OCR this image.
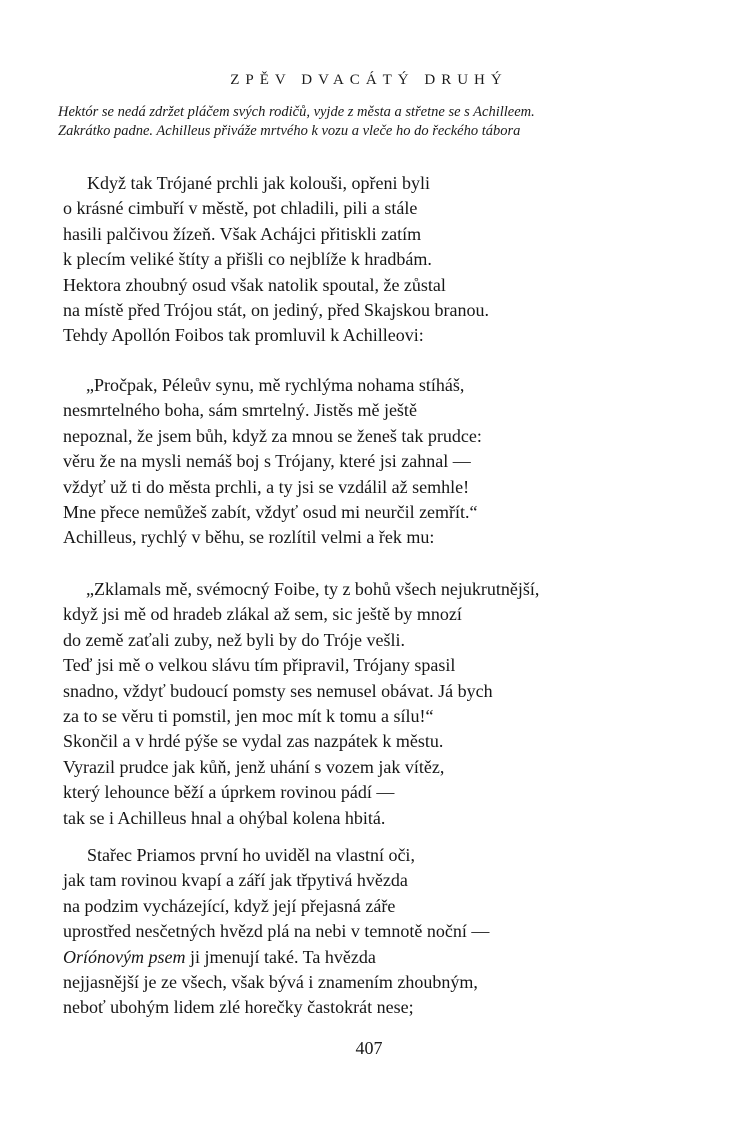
ZPĚV DVACÁTÝ DRUHÝ
Hektór se nedá zdržet pláčem svých rodičů, vyjde z města a střetne se s Achilleem.
Zakrátko padne. Achilleus přiváže mrtvého k vozu a vleče ho do řeckého tábora
Když tak Trójané prchli jak kolouši, opřeni byli
o krásné cimbuří v městě, pot chladili, pili a stále
hasili palčivou žízeň. Však Achájci přitiskli zatím
k plecím veliké štíty a přišli co nejblíže k hradbám.
Hektora zhoubný osud však natolik spoutal, že zůstal
na místě před Trójou stát, on jediný, před Skajskou branou.
Tehdy Apollón Foibos tak promluvil k Achilleovi:
„Pročpak, Péleův synu, mě rychlýma nohama stíháš,
nesmrtelného boha, sám smrtelný. Jistěs mě ještě
nepoznal, že jsem bůh, když za mnou se ženeš tak prudce:
věru že na mysli nemáš boj s Trójany, které jsi zahnal —
vždyť už ti do města prchli, a ty jsi se vzdálil až semhle!
Mne přece nemůžeš zabít, vždyť osud mi neurčil zemřít.“
Achilleus, rychlý v běhu, se rozlítil velmi a řek mu:
„Zklamals mě, svémocný Foibe, ty z bohů všech nejukrutnější,
když jsi mě od hradeb zlákal až sem, sic ještě by mnozí
do země zaťali zuby, než byli by do Tróje vešli.
Teď jsi mě o velkou slávu tím připravil, Trójany spasil
snadno, vždyť budoucí pomsty ses nemusel obávat. Já bych
za to se věru ti pomstil, jen moc mít k tomu a sílu!“
Skončil a v hrdé pýše se vydal zas nazpátek k městu.
Vyrazil prudce jak kůň, jenž uhání s vozem jak vítěz,
který lehounce běží a úprkem rovinou pádí —
tak se i Achilleus hnal a ohýbal kolena hbitá.
Stařec Priamos první ho uviděl na vlastní oči,
jak tam rovinou kvapí a září jak třpytivá hvězda
na podzim vycházející, když její přejasná záře
uprostřed nesčetných hvězd plá na nebi v temnotě noční —
Oríónovým psem ji jmenují také. Ta hvězda
nejjasnější je ze všech, však bývá i znamením zhoubným,
neboť ubohým lidem zlé horečky častokrát nese;
407
